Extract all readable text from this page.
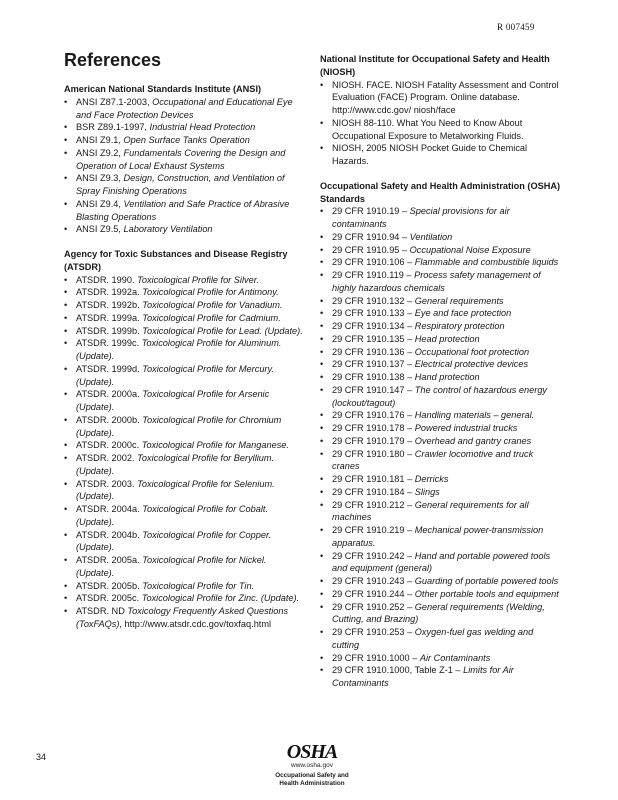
R 007459
References
American National Standards Institute (ANSI)
• ANSI Z87.1-2003, Occupational and Educational Eye and Face Protection Devices
• BSR Z89.1-1997, Industrial Head Protection
• ANSI Z9.1, Open Surface Tanks Operation
• ANSI Z9.2, Fundamentals Covering the Design and Operation of Local Exhaust Systems
• ANSI Z9.3, Design, Construction, and Ventilation of Spray Finishing Operations
• ANSI Z9.4, Ventilation and Safe Practice of Abrasive Blasting Operations
• ANSI Z9.5, Laboratory Ventilation
Agency for Toxic Substances and Disease Registry (ATSDR)
• ATSDR. 1990. Toxicological Profile for Silver.
• ATSDR. 1992a. Toxicological Profile for Antimony.
• ATSDR. 1992b. Toxicological Profile for Vanadium.
• ATSDR. 1999a. Toxicological Profile for Cadmium.
• ATSDR. 1999b. Toxicological Profile for Lead. (Update).
• ATSDR. 1999c. Toxicological Profile for Aluminum. (Update).
• ATSDR. 1999d. Toxicological Profile for Mercury. (Update).
• ATSDR. 2000a. Toxicological Profile for Arsenic (Update).
• ATSDR. 2000b. Toxicological Profile for Chromium (Update).
• ATSDR. 2000c. Toxicological Profile for Manganese.
• ATSDR. 2002. Toxicological Profile for Beryllium. (Update).
• ATSDR. 2003. Toxicological Profile for Selenium. (Update).
• ATSDR. 2004a. Toxicological Profile for Cobalt. (Update).
• ATSDR. 2004b. Toxicological Profile for Copper. (Update).
• ATSDR. 2005a. Toxicological Profile for Nickel. (Update).
• ATSDR. 2005b. Toxicological Profile for Tin.
• ATSDR. 2005c. Toxicological Profile for Zinc. (Update).
• ATSDR. ND Toxicology Frequently Asked Questions (ToxFAQs), http://www.atsdr.cdc.gov/toxfaq.html
National Institute for Occupational Safety and Health (NIOSH)
• NIOSH. FACE. NIOSH Fatality Assessment and Control Evaluation (FACE) Program. Online database. http://www.cdc.gov/ niosh/face
• NIOSH 88-110. What You Need to Know About Occupational Exposure to Metalworking Fluids.
• NIOSH, 2005 NIOSH Pocket Guide to Chemical Hazards.
Occupational Safety and Health Administration (OSHA) Standards
• 29 CFR 1910.19 – Special provisions for air contaminants
• 29 CFR 1910.94 – Ventilation
• 29 CFR 1910.95 – Occupational Noise Exposure
• 29 CFR 1910.106 – Flammable and combustible liquids
• 29 CFR 1910.119 – Process safety management of highly hazardous chemicals
• 29 CFR 1910.132 – General requirements
• 29 CFR 1910.133 – Eye and face protection
• 29 CFR 1910.134 – Respiratory protection
• 29 CFR 1910.135 – Head protection
• 29 CFR 1910.136 – Occupational foot protection
• 29 CFR 1910.137 – Electrical protective devices
• 29 CFR 1910.138 – Hand protection
• 29 CFR 1910.147 – The control of hazardous energy (lockout/tagout)
• 29 CFR 1910.176 – Handling materials – general.
• 29 CFR 1910.178 – Powered industrial trucks
• 29 CFR 1910.179 – Overhead and gantry cranes
• 29 CFR 1910.180 – Crawler locomotive and truck cranes
• 29 CFR 1910.181 – Derricks
• 29 CFR 1910.184 – Slings
• 29 CFR 1910.212 – General requirements for all machines
• 29 CFR 1910.219 – Mechanical power-transmission apparatus.
• 29 CFR 1910.242 – Hand and portable powered tools and equipment (general)
• 29 CFR 1910.243 – Guarding of portable powered tools
• 29 CFR 1910.244 – Other portable tools and equipment
• 29 CFR 1910.252 – General requirements (Welding, Cutting, and Brazing)
• 29 CFR 1910.253 – Oxygen-fuel gas welding and cutting
• 29 CFR 1910.1000 – Air Contaminants
• 29 CFR 1910.1000, Table Z-1 – Limits for Air Contaminants
34	OSHA
www.osha.gov
Occupational Safety and
Health Administration
